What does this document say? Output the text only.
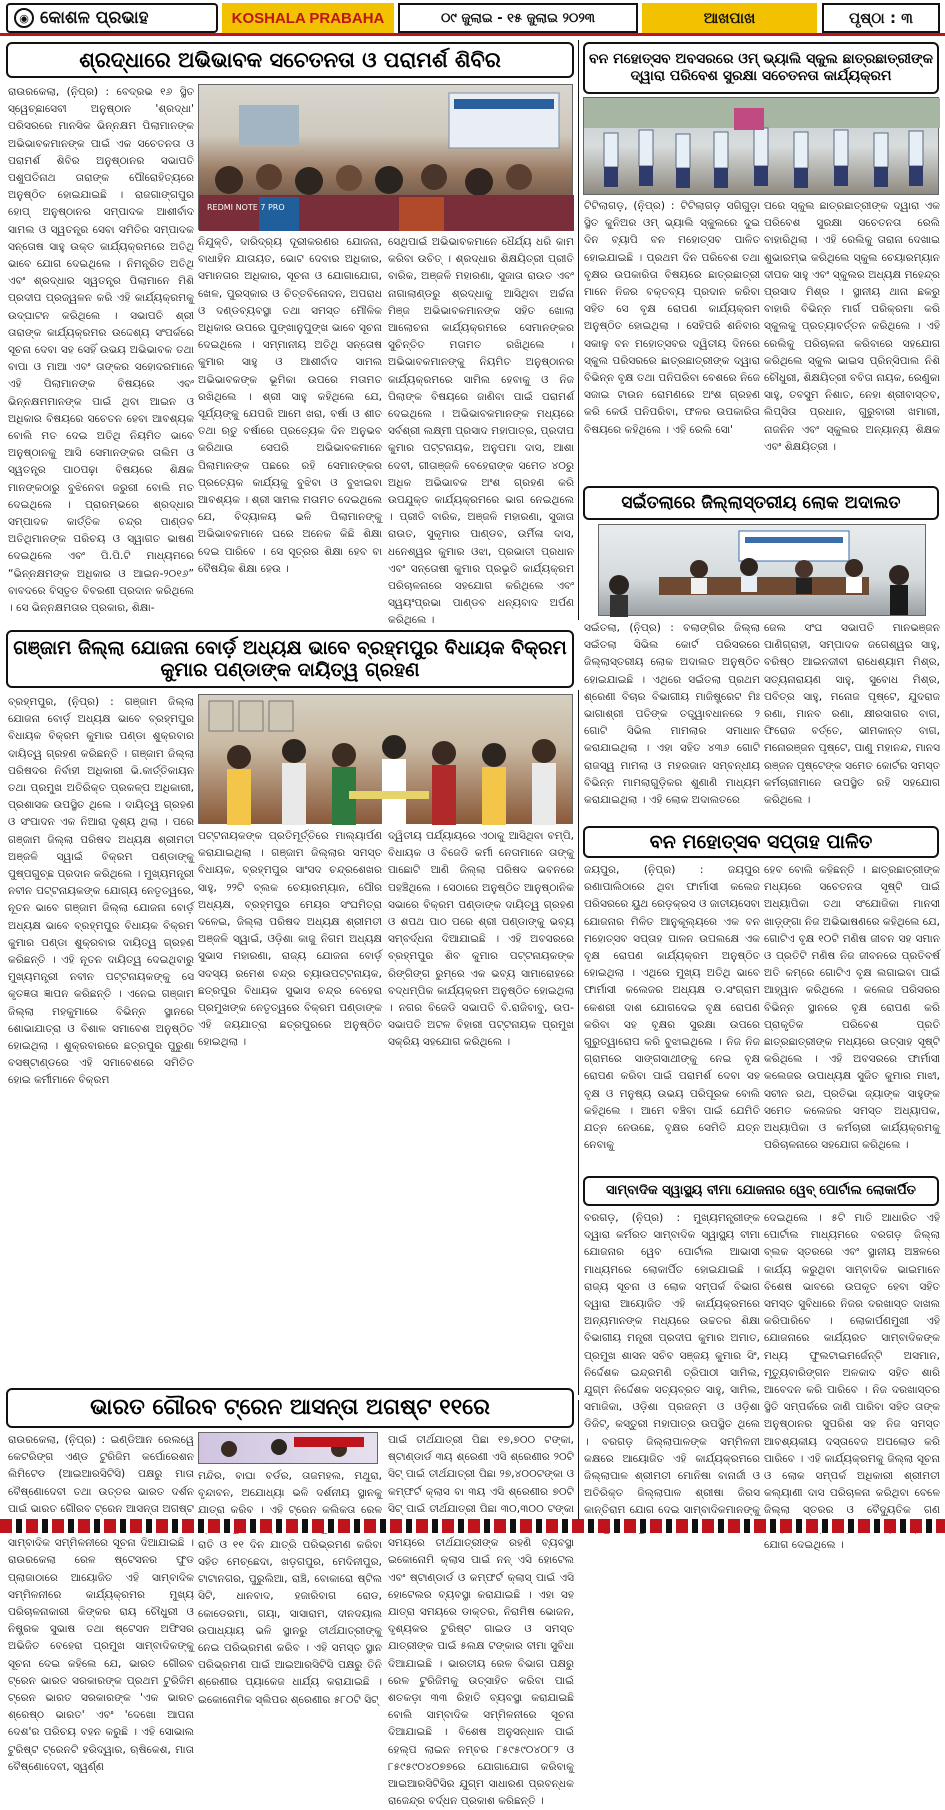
◉ କୋଶଳ ପ୍ରଭାହ	KOSHALA PRABAHA	୦୯ ଜୁଲାଇ - ୧୫ ଜୁଲାଇ ୨୦୨୩	ଆଖପାଖ	ପୃଷ୍ଠା : ୩
ଶ୍ରଦ୍ଧାରେ ଅଭିଭାବକ ସଚେତନତା ଓ ପରାମର୍ଶ ଶିବିର
ରାଉରକେଲା, (ନି଼ପ୍ର) : ବେଦ୍ରଭ ୧୬ ସ୍ଥିତ ସ୍ୱେଚ୍ଛାସେବୀ ଅନୁଷ୍ଠାନ 'ଶ୍ରଦ୍ଧା' ପରିସରରେ ମାନସିକ ଭିନ୍ନକ୍ଷମ ପିଲାମାନଙ୍କ ଅଭିଭାବକମାନଙ୍କ ପାଇଁ ଏକ ସଚେତନତା ଓ ପରାମର୍ଶ ଶିବିର ଅନୁଷ୍ଠାନର ସଭାପତି ପଶୁପତିନାଥ ତାରାଙ୍କ ପୌରୋହିତ୍ୟରେ ଅନୁଷ୍ଠିତ ହୋଇଯାଇଛି । ରାଜଗାଙ୍ଗପୁର ହୋପ୍ ଅନୁଷ୍ଠାନର ସମ୍ପାଦକ ଆଶୀର୍ବାଦ ସାମଲ ଓ ସ୍ୱତନ୍ତ୍ର ସେବା ସମିତିର ସମ୍ପାଦକ ସନ୍ତୋଷ ସାହୁ ଉକ୍ତ କାର୍ଯ୍ୟକ୍ରମରେ ଅତିଥି ଭାବେ ଯୋଗ ଦେଇଥିଲେ । ନିମନ୍ତ୍ରିତ ଅତିଥି ଏବଂ ଶ୍ରଦ୍ଧାର ସ୍ୱତନ୍ତ୍ର ପିଲାମାନେ ମିଶି ପ୍ରଦୀପ ପ୍ରଜ୍ୱଳନ କରି ଏହି କାର୍ଯ୍ୟକ୍ରମକୁ ଉଦ୍‌ଘାଟନ କରିଥିଲେ । ସଭାପତି ଶ୍ରୀ ତାରାଙ୍କ କାର୍ଯ୍ୟକ୍ରମର ଉଦ୍ଦେଶ୍ୟ ସଂପର୍କରେ ସୂଚନା ଦେବା ସହ ସେହିଁ ଉଭୟ ଅଭିଭାବକ ତଥା ବାପା ଓ ମାଆ ଏବଂ ତାଙ୍କର ସହୋଦରମାନେ ଏହି ପିଲାମାନଙ୍କ ବିଷୟରେ ଏବଂ ଭିନ୍ନକ୍ଷମମାନଙ୍କ ପାଇଁ ଥିବା ଆଇନ ଓ ଅଧିକାର ବିଷୟରେ ସଚେତନ ହେବା ଆବଶ୍ୟକ ବୋଲି ମତ ଦେଇ ଅତିଥି ନିୟମିତ ଭାବେ ଅନୁଷ୍ଠାନକୁ ଆସି ସେମାନଙ୍କର ତାଲିମ ଓ ସ୍ୱତନ୍ତ୍ର ପାଠପଢ଼ା ବିଷୟରେ ଶିକ୍ଷକ ମାନଙ୍କଠାରୁ ବୁଝିନେବା ଜରୁରୀ ବୋଲି ମତ ଦେଇଥିଲେ । ପ୍ରାରମ୍ଭରେ ଶ୍ରଦ୍ଧାର ସମ୍ପାଦକ କାର୍ତ୍ତିକ ଚନ୍ଦ୍ର ପାଣ୍ଡବ ଅତିଥିମାନଙ୍କ ପରିଚୟ ଓ ସ୍ୱାଗତ ଭାଷଣ ଦେଇଥିଲେ ଏବଂ ପି.ପି.ଟି ମାଧ୍ୟମରେ “ଭିନ୍ନକ୍ଷମଙ୍କ ଅଧିକାର ଓ ଆଇନ-୨୦୧୬” ବାବଦରେ ବିସ୍ତୃତ ବିବରଣୀ ପ୍ରଦାନ କରିଥିଲେ । ସେ ଭିନ୍ନକ୍ଷମତାର ପ୍ରକାର, ଶିକ୍ଷା-
REDMI NOTE 7 PRO
ନିଯୁକ୍ତି, ଦାରିଦ୍ର୍ୟ ଦୂରୀକରଣର ଯୋଜନା, ବାଧାହିନ ଯାତାୟତ, ଭୋଟ ଦେବାର ଅଧିକାର, ସମାନତାର ଅଧିକାର, ସୂଚନା ଓ ଯୋଗାଯୋଗ, ଖେଳ, ପୁରସ୍କାର ଓ ଚିତ୍ତବିନୋଦନ, ଅପରାଧ ଓ ଦଣ୍ଡବ୍ୟବସ୍ଥା ତଥା ସମସ୍ତ ମୌଳିକ ଅଧିକାର ଉପରେ ପୁଙ୍ଖାନୁପୁଙ୍ଖ ଭାବେ ସୂଚନା ଦେଇଥିଲେ । ସମ୍ମାନୀୟ ଅତିଥି ସନ୍ତୋଷ କୁମାର ସାହୁ ଓ ଆଶୀର୍ବାଦ ସାମଲ ଅଭିଭାବକଙ୍କ ଭୂମିକା ଉପରେ ମତାମତ ରଖିଥିଲେ । ଶ୍ରୀ ସାହୁ କହିଥିଲେ ଯେ, ସୂର୍ଯ୍ୟଙ୍କୁ ଯେପରି ଆମେ ଖରା, ବର୍ଷା ଓ ଶୀତ ତଥା ଋତୁ ବର୍ଷାରେ ପ୍ରତ୍ୟେକ ଦିନ ଅନୁଭବ କରିଥାଉ ସେପରି ଅଭିଭାବକମାନେ ପିଲାମାନଙ୍କ ପଛରେ ରହି ସେମାନଙ୍କର ପ୍ରତ୍ୟେକ କାର୍ଯ୍ୟକୁ ବୁଝିବା ଓ ବୁଝାଇବା ଆବଶ୍ୟକ । ଶ୍ରୀ ସାମଲ ମତାମତ ଦେଇଥିଲେ ଯେ, ବିଦ୍ୟାଳୟ ଭଳି ପିଲାମାନଙ୍କୁ ଅଭିଭାବକମାନେ ଘରେ ଅନେକ କିଛି ଶିକ୍ଷା ଦେଇ ପାରିବେ । ସେ ସୂତ୍ରର ଶିକ୍ଷା ହେବ ବା ବୈଷୟିକ ଶିକ୍ଷା ହେଉ ।
ସେଥିପାଇଁ ଅଭିଭାବକମାନେ ଧୈର୍ଯ୍ୟ ଧରି କାମ କରିବା ଉଚିତ୍ । ଶ୍ରଦ୍ଧାର ଶିକ୍ଷୟିତ୍ରୀ ପ୍ରୀତି ବାରିକ, ଅଞ୍ଜଳି ମହାରଣା, ସୁଜାତା ରାଉତ ଏବଂ ନାଗାଲାଣ୍ଡରୁ ଶ୍ରଦ୍ଧାକୁ ଆସିଥିବା ଅର୍ଚ୍ଚନା ମିଞ୍ଜ ଅଭିଭାବକମାନଙ୍କ ସହିତ ଖୋଲା ଆଲୋଚନା କାର୍ଯ୍ୟକ୍ରମରେ ସେମାନଙ୍କର ସୁଚିନ୍ତିତ ମତାମତ ରଖିଥିଲେ । ଅଭିଭାବକମାନଙ୍କୁ ନିୟମିତ ଅନୁଷ୍ଠାନର କାର୍ଯ୍ୟକ୍ରମରେ ସାମିଲ ହେବାକୁ ଓ ନିଜ ପିଲାଙ୍କ ବିଷୟରେ ଜାଣିବା ପାଇଁ ପରାମର୍ଶ ଦେଇଥିଲେ । ଅଭିଭାବକମାନଙ୍କ ମଧ୍ୟରେ ସର୍ବଶ୍ରୀ ଲକ୍ଷ୍ମୀ ପ୍ରସାଦ ମହାପାତ୍ର, ପ୍ରଦୀପ କୁମାର ପଟ୍ଟନାୟକ, ଅନୁପମା ଦାସ, ଆଶା ଦେବୀ, ଗୀତାଞ୍ଜଳି ବେହେରାଙ୍କ ସମେତ ୪୦ରୁ ଅଧିକ ଅଭିଭାବକ ଅଂଶ ଗ୍ରହଣ କରି ଉପଯୁକ୍ତ କାର୍ଯ୍ୟକ୍ରମରେ ଭାଗ ନେଇଥିଲେ । ପ୍ରୀତି ବାରିକ, ଅଞ୍ଜଳି ମହାରଣା, ସୁଜାତା ରାଉତ, ସୁକୃମାର ପାଣ୍ଡବ, ଉର୍ମିଳା ଦାସ, ଧନେଶ୍ୱର କୁମାର ଓଝା, ପ୍ରଭାତୀ ପ୍ରଧାନ ଏବଂ ସନ୍ତୋଷୀ କୁମାର ପ୍ରଭୃତି କାର୍ଯ୍ୟକ୍ରମ ପରିଚାଳନାରେ ସହଯୋଗ କରିଥିଲେ ଏବଂ ସ୍ୱୟଂପ୍ରଭା ପାଣ୍ଡବ ଧନ୍ୟବାଦ ଅର୍ପଣ କରିଥିଲେ ।
ବନ ମହୋତ୍ସବ ଅବସରରେ ଓମ୍ ଭ୍ୟାଲି ସ୍କୁଲ ଛାତ୍ରଛାତ୍ରୀଙ୍କ ଦ୍ୱାରା ପରିବେଶ ସୁରକ୍ଷା ସଚେତନତା କାର୍ଯ୍ୟକ୍ରମ
ଟିଟିଲାଗଡ଼, (ନି଼ପ୍ର) : ଟିଟିଲାଗଡ଼ ସଗିଗୁଡ଼ା ସ୍ଥିତ କୁନିଅର ଓମ୍ ଭ୍ୟାଲି ସ୍କୁଲରେ ଦୁଇ ଦିନ ବ୍ୟାପି ବନ ମହୋତ୍ସବ ପାଳିତ ହୋଇଯାଇଛି । ପ୍ରଥମ ଦିନ ପରିବେଶ ତଥା ବୃକ୍ଷର ଉପକାରିତା ବିଷୟରେ ଛାତ୍ରଛାତ୍ରୀ ମାନେ ନିଜର ବକ୍ତବ୍ୟ ପ୍ରଦାନ କରିବା ସହିତ ସେ ବୃକ୍ଷ ରୋପଣ କାର୍ଯ୍ୟକ୍ରମ ଅନୁଷ୍ଠିତ ହୋଇଥିଲା । ସେହିପରି ଶନିବାର ସକାଳୁ ବନ ମହୋତ୍ସବର ଦ୍ୱିତୀୟ ଦିନରେ ସ୍କୁଲ ପରିସରରେ ଛାତ୍ରଛାତ୍ରୀଙ୍କ ଦ୍ୱାରା ବିଭିନ୍ନ ବୃକ୍ଷ ତଥା ପନିପରିବା ବେଶରେ ନିଜେ ସଜାଇ ଟାଉନ ରୋମଣରେ ଅଂଶ ଗ୍ରହଣ କରି କେଉଁ ପନିପରିବା, ଫଳର ଉପକାରିତା ବିଷୟରେ କହିଥିଲେ । ଏହି ରେଲି ସୋ'
ପରେ ସ୍କୁଲ ଛାତ୍ରଛାତ୍ରୀଙ୍କ ଦ୍ୱାରା ଏକ ପରିବେଶ ସୁରକ୍ଷା ସଚେତନତା ରେଲି ବାହାରିଥିଲା । ଏହି ରେଲିକୁ ତାରାନା ଦେଖାଇ ଶୁଭାରମ୍ଭ କରିଥିଲେ ସ୍କୁଲ ଚେୟାରମ୍ୟାନ ଦୀପକ ସାହୁ ଏବଂ ସ୍କୁଲର ଅଧ୍ୟକ୍ଷ ମହେନ୍ଦ୍ର ପ୍ରସାଦ ମିଶ୍ର । ସ୍ଥାନୀୟ ଥାନା ଛକରୁ ବାହାରି ବିଭିନ୍ନ ମାର୍ଗ ପରିକ୍ରମା କରି ସ୍କୁଲକୁ ପ୍ରତ୍ୟାବର୍ତ୍ତନ କରିଥିଲେ । ଏହି ରେଲିକୁ ପରିଚାଳନା କରିବାରେ ସହଯୋଗ କରିଥିଲେ ସ୍କୁଲ ଭାଇସ ପ୍ରିନ୍ସିପାଲ ନିଶି ଚୌଧୁରୀ, ଶିକ୍ଷୟିତ୍ରୀ ବବିତା ନାୟକ, ରେଣୁକା ସାହୁ, ତବସୁମ ନିଶାତ, ନେହା ଶ୍ରୀବାସ୍ତବ, ଲିପ୍ସିତା ପ୍ରଧାନ, ଗୁରୁବାରୀ ଖମାରୀ, ନାଜନିନ ଏବଂ ସ୍କୁଲର ଅନ୍ୟାନ୍ୟ ଶିକ୍ଷକ ଏବଂ ଶିକ୍ଷୟିତ୍ରୀ ।
ସଇଁତଲାରେ ଜିଲ୍ଲାସ୍ତରୀୟ ଲୋକ ଅଦାଲତ
ସଇଁତଲା, (ନି଼ପ୍ର) : ବଲାଙ୍ଗିର ଜିଲ୍ଲା ସଇଁତଲା ସିଭିଲ କୋର୍ଟ ପରିସରରେ ଜିଲ୍ଲାସ୍ତରୀୟ ଲୋକ ଅଦାଲତ ଅନୁଷ୍ଠିତ ହୋଇଯାଇଛି । ଏଥିରେ ସଇଁତଲା ପ୍ରଥମ ଶ୍ରେଣୀ ବିଚାର ବିଭାଗୀୟ ମାଜିଷ୍ଟ୍ରେଟ ମିଃ ଭାଗାଶ୍ରୀ ପତିଙ୍କ ତତ୍ତ୍ୱାବଧାନରେ ୨ ଗୋଟି ସିଭିଲ ମାମଲାର ସମାଧାନ କରାଯାଇଥିଲା । ଏହା ସହିତ ୪୩୬ ଗୋଟି ରାଜସ୍ୱ ମାମଲା ଓ ମହରଜାନ ସମ୍ବନ୍ଧୀୟ ବିଭିନ୍ନ ମାମଲାଗୁଡ଼ିକର ଶୁଣାଣି ମାଧ୍ୟମ କରାଯାଇଥିଲା । ଏହି ଲୋକ ଅଦାଲତରେ
ଜେଲ ସଂଘ ସଭାପତି ମାନଭଞ୍ଜନ ପାଣିଗ୍ରାହୀ, ସମ୍ପାଦକ ଜଗେଶ୍ୱର ସାହୁ, ବରିଷ୍ଠ ଆଇନଜୀବୀ ରାଧେଶ୍ୟାମ ମିଶ୍ର, ସତ୍ୟନାରାୟଣ ସାହୁ, ସୁବୋଧ ମିଶ୍ର, ପବିତ୍ର ସାହୁ, ମନୋଜ ପୃଷ୍ଟେ, ଯୁଦରାଜ ରଣା, ମାନବ ରଣା, କ୍ଷୀରସାଗର ବାଗ, ଫିରୋଜ ବର୍ତ୍ତେ, ଭୀମକାନ୍ତ ବାଗ, ମନୋରଞ୍ଜନ ପୃଷ୍ଟେ, ପାଣୁ ମହାନନ୍ଦ, ମାନସ ରଞ୍ଜନ ପୃଷ୍ଟେଙ୍କ ସମେତ କୋର୍ଟର ସମସ୍ତ କର୍ମଚାରୀମାନେ ଉପସ୍ଥିତ ରହି ସହଯୋଗ କରିଥିଲେ ।
ଗଞ୍ଜାମ ଜିଲ୍ଲା ଯୋଜନା ବୋର୍ଡ଼ ଅଧ୍ୟକ୍ଷ ଭାବେ ବ୍ରହ୍ମପୁର ବିଧାୟକ ବିକ୍ରମ କୁମାର ପଣ୍ଡାଙ୍କ ଦାୟିତ୍ୱ ଗ୍ରହଣ
ବ୍ରହ୍ମପୁର, (ନି଼ପ୍ର) : ଗଞ୍ଜାମ ଜିଲ୍ଲା ଯୋଜନା ବୋର୍ଡ଼ ଅଧ୍ୟକ୍ଷ ଭାବେ ବ୍ରହ୍ମପୁର ବିଧାୟକ ବିକ୍ରମ କୁମାର ପଣ୍ଡା ଶୁକ୍ରବାର ଦାୟିତ୍ୱ ଗ୍ରହଣ କରିଛନ୍ତି । ଗଞ୍ଜାମ ଜିଲ୍ଲା ପରିଷଦର ନିର୍ବାହୀ ଅଧିକାରୀ ଭି.କାର୍ତ୍ତିକାୟନ ତଥା ପ୍ରମୁଖ ଅତିରିକ୍ତ ପ୍ରକଳ୍ପ ଅଧିକାରୀ, ପ୍ରଶାସକ ଉପସ୍ଥିତ ଥିଲେ । ଦାୟିତ୍ୱ ଗ୍ରହଣ ଓ ସଂପାଦନ ଏକ ନିଆରା ଦୃଶ୍ୟ ଥିଲା । ପରେ ଗଞ୍ଜାମ ଜିଲ୍ଲା ପରିଷଦ ଅଧ୍ୟକ୍ଷ ଶ୍ରୀମତୀ ଅଞ୍ଜଳି ସ୍ୱାଇଁ ବିକ୍ରମ ପଣ୍ଡାଙ୍କୁ ପୁଷ୍ପଗୁଚ୍ଛ ପ୍ରଦାନ କରିଥିଲେ । ମୁଖ୍ୟମନ୍ତ୍ରୀ ନବୀନ ପଟ୍ଟନାୟକଙ୍କ ଯୋଗ୍ୟ ନେତୃତ୍ୱରେ, ନୂତନ ଭାବେ ଗଞ୍ଜାମ ଜିଲ୍ଲା ଯୋଜନା ବୋର୍ଡ଼ ଅଧ୍ୟକ୍ଷ ଭାବେ ବ୍ରହ୍ମପୁର ବିଧାୟକ ବିକ୍ରମ କୁମାର ପଣ୍ଡା ଶୁକ୍ରବାର ଦାୟିତ୍ୱ ଗ୍ରହଣ କରିଛନ୍ତି । ଏହି ନୂତନ ଦାୟିତ୍ୱ ଦେଇଥିବାରୁ ମୁଖ୍ୟମନ୍ତ୍ରୀ ନବୀନ ପଟ୍ଟନାୟକଙ୍କୁ ସେ କୃତଜ୍ଞତା ଜ୍ଞାପନ କରିଛନ୍ତି । ଏନେଇ ଗଞ୍ଜାମ ଜିଲ୍ଲା ମହକୁମାରେ ବିଭିନ୍ନ ସ୍ଥାନରେ ଶୋଭାଯାତ୍ରା ଓ ବିଶାଳ ସମାବେଶ ଅନୁଷ୍ଠିତ ହୋଇଥିଲା । ଶୁକ୍ରବାରରେ ଛତ୍ରପୁର ପୁରୁଣା ବସଷ୍ଟାଣ୍ଡରେ ଏହି ସମାବେଶରେ ସମିତିତ ହୋଇ କର୍ମୀମାନେ ବିକ୍ରମ
ପଟ୍ଟନାୟକଙ୍କ ପ୍ରତିମୂର୍ତ୍ତିରେ ମାଲ୍ୟାର୍ପଣ କରାଯାଇଥିଲା । ଗଞ୍ଜାମ ଜିଲ୍ଲାର ସମସ୍ତ ବିଧାୟକ, ବ୍ରହ୍ମପୁର ସାଂସଦ ଚନ୍ଦ୍ରଶେଖର ସାହୁ, ୨୨ଟି ବ୍ଲକ ଚେୟାରମ୍ୟାନ, ପୌର ଅଧ୍ୟକ୍ଷ, ବ୍ରହ୍ମପୁର ମେୟର ସଂଘମିତ୍ରା ଦଳେଇ, ଜିଲ୍ଲା ପରିଷଦ ଅଧ୍ୟକ୍ଷ ଶ୍ରୀମତୀ ଅଞ୍ଜଳି ସ୍ୱାଇଁ, ଓଡ଼ିଶା କାଜୁ ନିଗମ ଅଧ୍ୟକ୍ଷ ସୁଭାସ ମହାରଣା, ରାଜ୍ୟ ଯୋଜନା ବୋର୍ଡ଼ ସଦସ୍ୟ ରମେଶ ଚନ୍ଦ୍ର ଚ୍ୟାଉପଟ୍ଟନାୟକ, ଛତ୍ରପୁର ବିଧାୟକ ସୁଭାସ ଚନ୍ଦ୍ର ବେହେରା ପ୍ରମୁଖଙ୍କ ନେତୃତ୍ୱରେ ବିକ୍ରମ ପଣ୍ଡାଙ୍କ ଏହି ଜୟଯାତ୍ରା ଛତ୍ରପୁରରେ ଅନୁଷ୍ଠିତ ହୋଇଥିଲା ।
ଦ୍ୱିତୀୟ ପର୍ଯ୍ୟାୟରେ ଏଠାକୁ ଆସିଥିବା ବମ୍ପି, ବିଧାୟକ ଓ ବିଜେଡି କର୍ମୀ ନେତାମାନେ ତାଙ୍କୁ ପାଛୋଟି ଆଣି ଜିଲ୍ଲା ପରିଷଦ ଭବନରେ ପହଞ୍ଚିଥିଲେ । ସେଠାରେ ଅନୁଷ୍ଠିତ ଆନୁଷ୍ଠାନିକ ସଭାରେ ବିକ୍ରମ ପଣ୍ଡାଙ୍କ ଦାୟିତ୍ୱ ଗ୍ରହଣ ଓ ଶପଥ ପାଠ ପରେ ଶ୍ରୀ ପଣ୍ଡାଙ୍କୁ ଭବ୍ୟ ସମ୍ବର୍ଦ୍ଧନା ଦିଆଯାଇଛି । ଏହି ଅବସରରେ ବ୍ରହ୍ମପୁର ଶିବ କୁମାର ପଟ୍ଟନାୟକଙ୍କ ରିଙ୍ଗିଙ୍ଗ ରୁମ୍‌ରେ ଏକ ଭବ୍ୟ ସାମାରୋହରେ ବଦ୍ଧମ୍ପିକ କାର୍ଯ୍ୟକ୍ରମ ଅନୁଷ୍ଠିତ ହୋଇଥିଲା । ନଗର ବିଜେଡି ସଭାପତି ବି.ରାଜିବାବୁ, ଉପ-ସଭାପତି ଅଟଳ ବିହାରୀ ପଟ୍ଟନାୟକ ପ୍ରମୁଖ ସକ୍ରିୟ ସହଯୋଗ କରିଥିଲେ ।
ବନ ମହୋତ୍ସବ ସପ୍ତାହ ପାଳିତ
ଜୟପୁର, (ନି଼ପ୍ର) : ଜୟପୁର ରଣାପାଲିଠାରେ ଥିବା ଫାର୍ମାସୀ କଲେଜ ପରିସରରେ ୟୁଥ ରେଡ଼କ୍ରସ ଓ ଜାତୀୟସେବା ଯୋଜନାର ମିଳିତ ଆନୁକୂଲ୍ୟରେ ଏକ ବନ ମହୋତ୍ସବ ସପ୍ତାହ ପାଳନ ଉପଲକ୍ଷେ ଏକ ବୃକ୍ଷ ରୋପଣ କାର୍ଯ୍ୟକ୍ରମ ଅନୁଷ୍ଠିତ ହୋଇଥିଲା । ଏଥିରେ ମୁଖ୍ୟ ଅତିଥି ଭାବେ ଫାର୍ମାସୀ କଲେଜର ଅଧ୍ୟକ୍ଷ ଡ.ସଂଗ୍ରାମ କେଶରୀ ଦାଶ ଯୋଗଦେଇ ବୃକ୍ଷ ରୋପଣ କରିବା ସହ ବୃକ୍ଷର ସୁରକ୍ଷା ଉପରେ ଗୁରୁତ୍ୱାରୋପ କରି ବୁଝାଇଥିଲେ । ନିଜ ନିଜ ଗ୍ରାମରେ ସାଙ୍ଗସାଥୀଙ୍କୁ ନେଇ ବୃକ୍ଷ ରୋପଣ କରିବା ପାଇଁ ପରାମର୍ଶ ଦେବା ସହ ବୃକ୍ଷ ଓ ମନୁଷ୍ୟ ଉଭୟ ପରିପୂରକ ବୋଲି କହିଥିଲେ । ଆମେ ବଞ୍ଚିବା ପାଇଁ ଯେମିତି ଯତ୍ନ ନେଉଛେ, ବୃକ୍ଷର ସେମିତି ଯତ୍ନ ନେବାକୁ
ହେବ ବୋଲି କହିଛନ୍ତି । ଛାତ୍ରଛାତ୍ରୀଙ୍କ ମଧ୍ୟରେ ସଚେତନତା ସୃଷ୍ଟି ପାଇଁ ଅଧ୍ୟାପିକା ତଥା ସଂଯୋଜିକା ମାନସୀ ଖାଡ଼୍‌ଙ୍ଗା ନିଜ ଅଭିଭାଷଣରେ କହିଥିଲେ ଯେ, ଗୋଟିଏ ବୃକ୍ଷ ୧୦ଟି ମଣିଷ ଜୀବନ ସହ ସମାନ ଓ ପ୍ରତିଟି ମଣିଷ ନିଜ ଜୀବନରେ ପ୍ରତିବର୍ଷ ଅତି କମ୍‌ରେ ଗୋଟିଏ ବୃକ୍ଷ ଲଗାଇବା ପାଇଁ ଆହ୍ୱାନ କରିଥିଲେ । କଲେଜ ପରିସରର ବିଭିନ୍ନ ସ୍ଥାନରେ ବୃକ୍ଷ ରୋପଣ କରି ପ୍ରାକୃତିକ ପରିବେଶ ପ୍ରତି ଛାତ୍ରଛାତ୍ରୀଙ୍କ ମଧ୍ୟରେ ଉତ୍ସାହ ସୃଷ୍ଟି କରିଥିଲେ । ଏହି ଅବସରରେ ଫାର୍ମାସୀ କଲେଜର ଉପାଧ୍ୟକ୍ଷ ସୁଜିତ କୁମାର ମାଝୀ, ସଚୀନ ରଥ, ପ୍ରତିଭା ଜ୍ୟାଙ୍କ ସାହୁଙ୍କ ସମେତ କଲେଜର ସମସ୍ତ ଅଧ୍ୟାପକ, ଅଧ୍ୟାପିକା ଓ କର୍ମଚାରୀ କାର୍ଯ୍ୟକ୍ରମକୁ ପରିଚାଳନାରେ ସହଯୋଗ କରିଥିଲେ ।
ଭାରତ ଗୌରବ ଟ୍ରେନ ଆସନ୍ତା ଅଗଷ୍ଟ ୧୧ରେ
ରାଉରକେଲା, (ନି଼ପ୍ର) : ଇଣ୍ଡିଆନ ରେଲୱେ କେଟରିଙ୍ଗ ଏଣ୍ଡ ଟୁରିଜିମ କର୍ପୋରେଶନ ଲିମିଟେଡ (ଆଇଆରସିଟିସି) ପକ୍ଷରୁ ମାତା ବୈଷ୍ଣୋଦେବୀ ତଥା ଉତ୍ତର ଭାରତ ଦର୍ଶନ ପାଇଁ ଭାରତ ଗୌରବ ଟ୍ରେନ ଆସନ୍ତା ଅଗଷ୍ଟ ସାମ୍ବାଦିକ ସମ୍ମିଳନୀରେ ସୂଚନା ଦିଆଯାଇଛି । ରାଉରକେଲା ରେଳ ଷ୍ଟେସନର ଫୁଡ ପ୍ଲାଜାଠାରେ ଆୟୋଜିତ ଏହି ସାମ୍ବାଦିକ ସମ୍ମିଳନୀରେ କାର୍ଯ୍ୟକ୍ରମର ମୁଖ୍ୟ ପରିଚାଳନାକାରୀ କିଙ୍କର ରାୟ ଚୌଧୁରୀ ଓ ନିଷ୍ଟ୍ରକ ସୁଭାଷ ତଥା ଷ୍ଟେସନ ଅଫିସର ଅଭିଜିତ ବେହେରା ପ୍ରମୁଖ ସାମ୍ବାଦିକଙ୍କୁ ସୂଚନା ଦେଇ କହିଲେ ଯେ, ଭାରତ ଗୌରବ ଟ୍ରେନ ଭାରତ ସରକାରଙ୍କ ପ୍ରଥମ ଟୁରିଜିମ ଟ୍ରେନ ଭାରତ ସରକାରଙ୍କ 'ଏକ ଭାରତ ଶ୍ରେଷ୍ଠ ଭାରତ' ଏବଂ 'ଦେଖୋ ଆପନା ଦେଶ'ର ପରିଚୟ ବହନ କରୁଛି । ଏହି ସୋଭାଲ ଟୁରିଷ୍ଟ ଟ୍ରେନଟି ହରିଦ୍ୱାର, ଋଷିକେଶ, ମାତା ବୈଷ୍ଣୋଦେବୀ, ସ୍ୱର୍ଣ୍ଣ
ମନ୍ଦିର, ବାଘା ବର୍ଡର, ତାଜମହଲ, ମଥୁରା, ବୃନ୍ଦାବନ, ଅଯୋଧ୍ୟା ଭଳି ଦର୍ଶନୀୟ ସ୍ଥାନକୁ ଯାତ୍ରା କରିବ । ଏହି ଟ୍ରେନ କଲିକତା ରେଳ ରାତି ଓ ୧୧ ଦିନ ଯାତ୍ରି ପରିଭ୍ରମଣ କରିବା ସହିତ ମେଚ୍ଛେଦା, ଖଡ଼ଗପୁର, ମେଦିନୀପୁର, ଟାଟାନଗର, ପୁରୁଲିଆ, ରାଞ୍ଚି, ବୋକାରୋ ଷ୍ଟିଲ ସିଟି, ଧାନବାଦ, ହଜାରିବାଗ ରୋଡ, କୋଡେରମା, ଗୟା, ସାସାରାମ, ଦୀନଦୟାଲ ଉପାଧ୍ୟାୟ ଭଳି ସ୍ଥାନରୁ ତୀର୍ଥଯାତ୍ରୀଙ୍କୁ ନେଇ ପରିଭ୍ରମଣ କରିବ । ଏହି ସମସ୍ତ ସ୍ଥାନ ପରିଭ୍ରମଣ ପାଇଁ ଆଇଆରସିଟିସି ପକ୍ଷରୁ ତିନି ଶ୍ରେଣୀର ପ୍ୟାକେଜ ଧାର୍ଯ୍ୟ କରାଯାଇଛି । ଇକୋନୋମିକ ସ୍ଲିପର ଶ୍ରେଣୀର ୫୮୦ଟି ସିଟ୍
ପାଇଁ ତୀର୍ଥଯାତ୍ରୀ ପିଛା ୧୭,୭୦୦ ଟଙ୍କା, ଷ୍ଟାଣ୍ଡାର୍ଡ ୩ୟ ଶ୍ରେଣୀ ଏସି ଶ୍ରେଣୀର ୨୦ଟି ସିଟ୍ ପାଇଁ ତୀର୍ଥଯାତ୍ରୀ ପିଛା ୨୭,୪୦୦ଟଙ୍କା ଓ କମ୍ଫର୍ଟ କ୍ଲାସ ବା ୩ୟ ଏସି ଶ୍ରେଣୀର ୭୦ଟି ସିଟ୍ ପାଇଁ ତୀର୍ଥଯାତ୍ରୀ ପିଛା ୩୦,୩୦୦ ଟଙ୍କା ସମୟରେ ତୀର୍ଥଯାତ୍ରୀଙ୍କ ରହଣି ବ୍ୟବସ୍ଥା ଇକୋନୋମି କ୍ଲାସ ପାଇଁ ନନ୍ ଏସି ହୋଟେଲ ଏବଂ ଷ୍ଟାଣ୍ଡାର୍ଡ ଓ କମ୍ଫର୍ଟ କ୍ଲାସ୍ ପାଇଁ ଏସି ହୋଟେଲର ବ୍ୟବସ୍ଥା କରାଯାଇଛି । ଏହା ସହ ଯାତ୍ରା ସମୟରେ ଡାକ୍ତର, ନିରାମିଷ ଭୋଜନ, ଦୃଶ୍ୟକର ଟୁରିଷ୍ଟ ଗାଇଡ ଓ ସମସ୍ତ ଯାତ୍ରୀଙ୍କ ପାଇଁ ୫ଲକ୍ଷ ଟଙ୍କାର ବୀମା ସୁବିଧା ଦିଆଯାଇଛି । ଭାରତୀୟ ରେଳ ବିଭାଗ ପକ୍ଷରୁ ରେଳ ଟୁରିଜିମକୁ ଉତ୍ସାହିତ କରିବା ପାଇଁ ଶତକଡ଼ା ୩୩ ରିହାତି ବ୍ୟବସ୍ଥା କରାଯାଇଛି ବୋଲି ସାମ୍ବାଦିକ ସମ୍ମିଳନୀରେ ସୂଚନା ଦିଆଯାଇଛି । ବିଶେଷ ଅନୁସନ୍ଧାନ ପାଇଁ ହେଲ୍ପ ଲାଇନ ନମ୍ବର ୮୫୯୫୯୦୪୦୮୨ ଓ ୮୫୯୫୯୦୪୦୭୭ରେ ଯୋଗାଯୋଗ କରିବାକୁ ଆଇଆରସିଟିସିର ଯୁଗ୍ମ ସାଧାରଣ ପ୍ରବନ୍ଧକ ରାଜେନ୍ଦ୍ର ବର୍ଦ୍ଧନ ପ୍ରକାଶ କରିଛନ୍ତି ।
ସାମ୍ବାଦିକ ସ୍ୱାସ୍ଥ୍ୟ ବୀମା ଯୋଜନାର ୱେବ୍ ପୋର୍ଟାଲ ଲୋକାର୍ପିତ
ବରଗଡ଼, (ନି଼ପ୍ର) : ମୁଖ୍ୟମନ୍ତ୍ରୀଙ୍କ ଦ୍ୱାରା କର୍ମରତ ସାମ୍ବାଦିକ ସ୍ୱାସ୍ଥ୍ୟ ବୀମା ଯୋଜନାର ୱେବ ପୋର୍ଟାଲ ଆଭାସୀ ମାଧ୍ୟମରେ ଲୋକାର୍ପିତ ହୋଇଯାଇଛି । ରାଜ୍ୟ ସୂଚନା ଓ ଲୋକ ସମ୍ପର୍କ ବିଭାଗ ଦ୍ୱାରା ଆୟୋଜିତ ଏହି କାର୍ଯ୍ୟକ୍ରମରେ ଅନ୍ୟମାନଙ୍କ ମଧ୍ୟରେ ଉଚ୍ଚତର ଶିକ୍ଷା ବିଭାଗୀୟ ମନ୍ତ୍ରୀ ପ୍ରଦୀପ କୁମାର ଅମାତ, ପ୍ରମୁଖ ଶାସନ ସଚିବ ସଞ୍ଜୟ କୁମାର ସିଂ, ନିର୍ଦ୍ଦେଶକ ଇନ୍ଦ୍ରମଣି ତ୍ରିପାଠୀ ସାମିଲ, ଯୁଗ୍ମ ନିର୍ଦ୍ଦେଶକ ସତ୍ୟବ୍ରତ ସାହୁ, ସାମିଲ, ସମାଜିକା, ଓଡ଼ିଶା ପ୍ରଜନ୍ମ ଓ ଓଡ଼ିଶା ଡିଜିଟ୍, କସ୍ତୁରୀ ମହାପାତ୍ର ଉପସ୍ଥିତ ଥିଲେ । ବରଗଡ଼ ଜିଲ୍ଲାପାଳଙ୍କ ସମ୍ମିଳନୀ କକ୍ଷରେ ଆୟୋଜିତ ଏହି କାର୍ଯ୍ୟକ୍ରମରେ ଜିଲ୍ଲାପାଳ ଶ୍ରୀମତୀ ମୋନିଷା ବାନାର୍ଜୀ ଓ ଅତିରିକ୍ତ ଜିଲ୍ଲାପାଳ ଶ୍ରୀଷା ଜିରସ କାନ୍ତିରାମ ଯୋଗ ଦେଇ ସାମ୍ବାଦିକମାନଙ୍କୁ
ଦେଇଥିଲେ । ୫ଟି ମାତି ଆଧାରିତ ଏହି ପୋର୍ଟାଲ ମାଧ୍ୟମରେ ବରଗଡ଼ ଜିଲ୍ଲା ବ୍ଲକ ସ୍ତରରେ ଏବଂ ସ୍ଥାନୀୟ ଅଞ୍ଚଳରେ କାର୍ଯ୍ୟ କରୁଥିବା ସାମ୍ବାଦିକ ଭାଇମାନେ ବିଶେଷ ଭାବରେ ଉପକୃତ ହେବା ସହିତ ସମସ୍ତ ସୁବିଧାରେ ନିଜର ଦରଖାସ୍ତ ଦାଖଲ କରିପାରିବେ । ଲୋକାର୍ପଣମୁଖୀ ଏହି ଯୋଜନାରେ କାର୍ଯ୍ୟରତ ସାମ୍ବାଦିକଙ୍କ ମଧ୍ୟ ଫୁଲଟାଇମର୍ଜେନ୍ଟି ଅସମାନ, ମୃତ୍ୟୁବାରିଙ୍ଗନ ଅଳକାଦ ସହିତ ଶାରି ଆବେଦନ କରି ପାରିବେ । ନିଜ ଦରଖାସ୍ତର ସ୍ଥିତି ସମ୍ପର୍କରେ ଜାଣି ପାରିବା ସହିତ ତାଙ୍କ ଅନୁଷ୍ଠାନର ସୁପରିଶ ସହ ନିଜ ସମସ୍ତ ଆବଶ୍ୟକୀୟ ଦସ୍ତାବେଜ ଅପଲୋଡ କରି ପାରିବେ । ଏହି କାର୍ଯ୍ୟକ୍ରମକୁ ଜିଲ୍ଲା ସୂଚନା ଓ ଲୋକ ସମ୍ପର୍କ ଅଧିକାରୀ ଶ୍ରୀମତୀ କଲ୍ୟାଣୀ ଦାସ ପରିଚାଳନା କରିଥିବା ବେଳେ ଜିଲ୍ଲା ସ୍ତରର ଓ ବୈଦ୍ୟୁତିକ ଗଣ ଯୋଗ ଦେଇଥିଲେ ।
